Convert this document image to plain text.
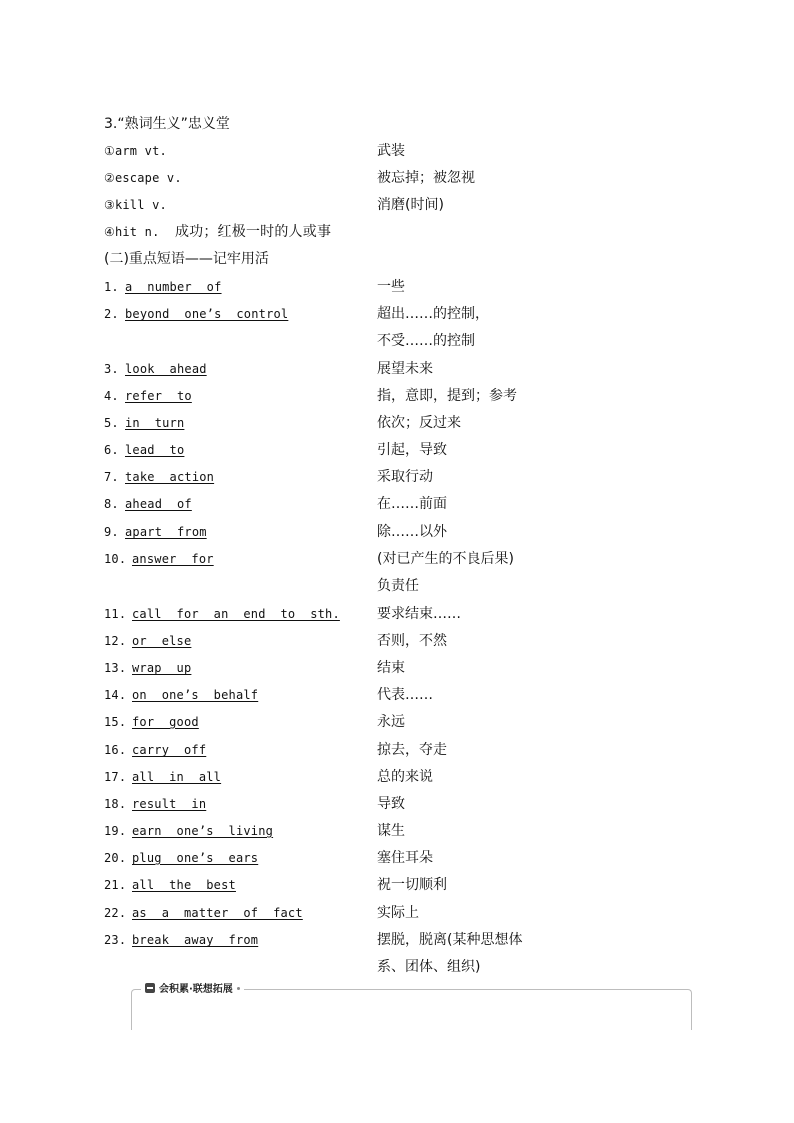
3.“熟词生义”忠义堂
①arm vt.	武装
②escape v.	被忘掉；被忽视
③kill v.	消磨(时间)
④hit n. 成功；红极一时的人或事
(二)重点短语——记牢用活
1. a  number  of	一些
2. beyond  one’s  control	超出……的控制，
不受……的控制
3. look  ahead	展望未来
4. refer  to	指，意即，提到；参考
5. in  turn	依次；反过来
6. lead  to	引起，导致
7. take  action	采取行动
8. ahead  of	在……前面
9. apart  from	除……以外
10. answer  for	(对已产生的不良后果)
负责任
11. call  for  an  end  to  sth.	要求结束……
12. or  else	否则，不然
13. wrap  up	结束
14. on  one’s  behalf	代表……
15. for  good	永远
16. carry  off	掠去，夺走
17. all  in  all	总的来说
18. result  in	导致
19. earn  one’s  living	谋生
20. plug  one’s  ears	塞住耳朵
21. all  the  best	祝一切顺利
22. as  a  matter  of  fact	实际上
23. break  away  from	摆脱，脱离(某种思想体
系、团体、组织)
会积累·联想拓展
